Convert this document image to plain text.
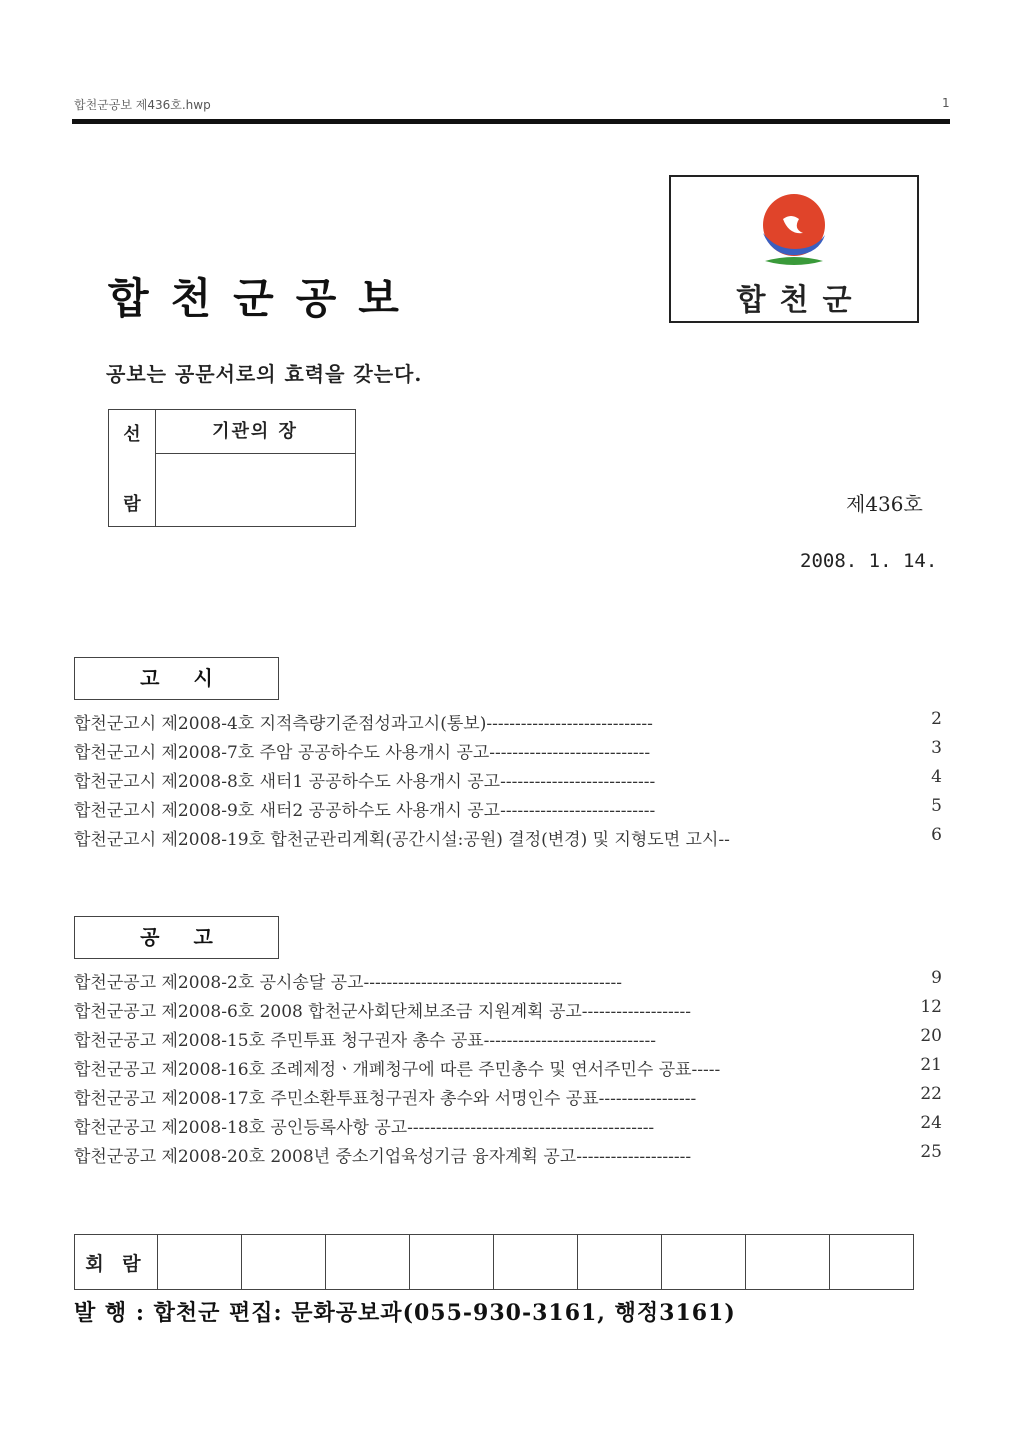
합천군공보 제436호.hwp	1
합천군공보
공보는 공문서로의 효력을 갖는다.
합천군
선
람
기관의 장
제436호
2008. 1. 14.
고시
합천군고시 제2008-4호 지적측량기준점성과고시(통보)-----------------------------	2
합천군고시 제2008-7호 주암 공공하수도 사용개시 공고----------------------------	3
합천군고시 제2008-8호 새터1 공공하수도 사용개시 공고---------------------------	4
합천군고시 제2008-9호 새터2 공공하수도 사용개시 공고---------------------------	5
합천군고시 제2008-19호 합천군관리계획(공간시설:공원) 결정(변경) 및 지형도면 고시--	6
공고
합천군공고 제2008-2호 공시송달 공고---------------------------------------------	9
합천군공고 제2008-6호 2008 합천군사회단체보조금 지원계획 공고-------------------	12
합천군공고 제2008-15호 주민투표 청구권자 총수 공표------------------------------	20
합천군공고 제2008-16호 조례제정ㆍ개폐청구에 따른 주민총수 및 연서주민수 공표-----	21
합천군공고 제2008-17호 주민소환투표청구권자 총수와 서명인수 공표-----------------	22
합천군공고 제2008-18호 공인등록사항 공고-------------------------------------------	24
합천군공고 제2008-20호 2008년 중소기업육성기금 융자계획 공고--------------------	25
회 람									
발 행 : 합천군 편집: 문화공보과(055-930-3161, 행정3161)
